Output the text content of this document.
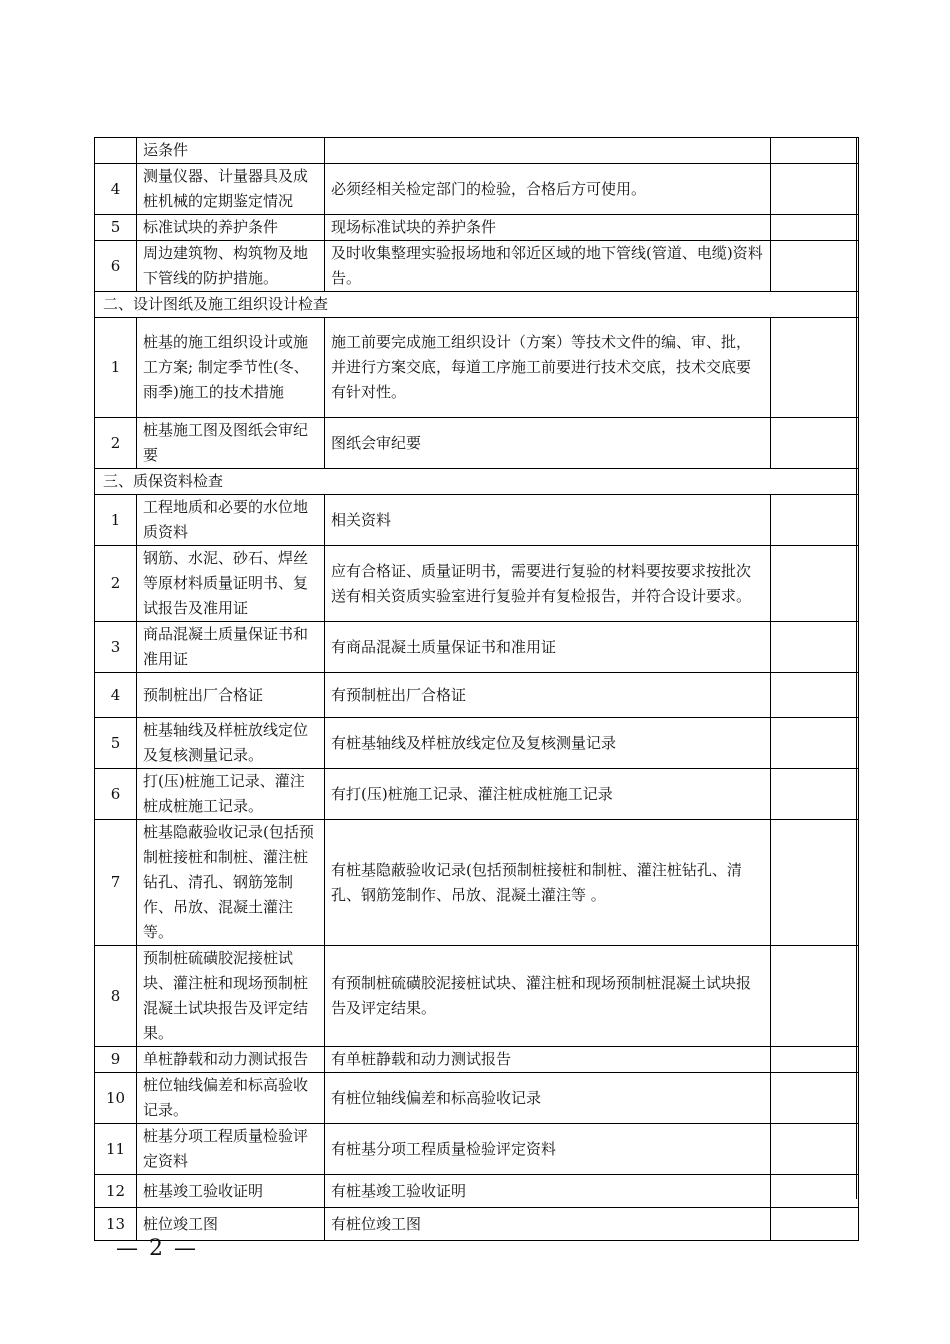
	运条件		
4	测量仪器、计量器具及成桩机械的定期鉴定情况	必须经相关检定部门的检验，合格后方可使用。	
5	标准试块的养护条件	现场标准试块的养护条件	
6	周边建筑物、构筑物及地下管线的防护措施。	及时收集整理实验报场地和邻近区域的地下管线(管道、电缆)资料告。	
二、设计图纸及施工组织设计检查			
1	桩基的施工组织设计或施工方案; 制定季节性(冬、雨季)施工的技术措施	施工前要完成施工组织设计（方案）等技术文件的编、审、批，并进行方案交底，每道工序施工前要进行技术交底，技术交底要有针对性。	
2	桩基施工图及图纸会审纪要	图纸会审纪要	
三、质保资料检查			
1	工程地质和必要的水位地质资料	相关资料	
2	钢筋、水泥、砂石、焊丝等原材料质量证明书、复试报告及准用证	应有合格证、质量证明书，需要进行复验的材料要按要求按批次送有相关资质实验室进行复验并有复检报告，并符合设计要求。	
3	商品混凝土质量保证书和准用证	有商品混凝土质量保证书和准用证	
4	预制桩出厂合格证	有预制桩出厂合格证	
5	桩基轴线及样桩放线定位及复核测量记录。	有桩基轴线及样桩放线定位及复核测量记录	
6	打(压)桩施工记录、灌注桩成桩施工记录。	有打(压)桩施工记录、灌注桩成桩施工记录	
7	桩基隐蔽验收记录(包括预制桩接桩和制桩、灌注桩钻孔、清孔、钢筋笼制作、吊放、混凝土灌注等。	有桩基隐蔽验收记录(包括预制桩接桩和制桩、灌注桩钻孔、清孔、钢筋笼制作、吊放、混凝土灌注等 。	
8	预制桩硫磺胶泥接桩试块、灌注桩和现场预制桩混凝土试块报告及评定结果。	有预制桩硫磺胶泥接桩试块、灌注桩和现场预制桩混凝土试块报告及评定结果。	
9	单桩静载和动力测试报告	有单桩静载和动力测试报告	
10	桩位轴线偏差和标高验收记录。	有桩位轴线偏差和标高验收记录	
11	桩基分项工程质量检验评定资料	有桩基分项工程质量检验评定资料	
12	桩基竣工验收证明	有桩基竣工验收证明	
13	桩位竣工图	有桩位竣工图	
— 2 —
